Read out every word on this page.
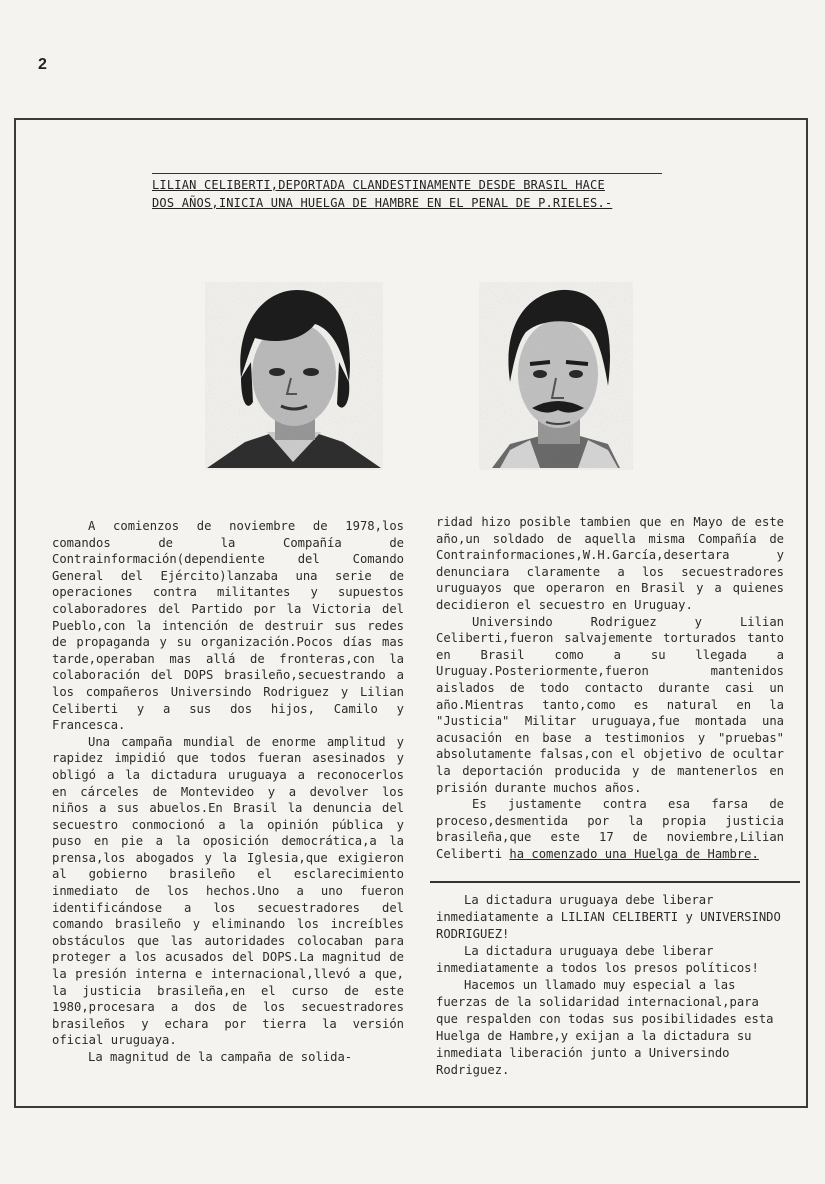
2
LILIAN CELIBERTI,DEPORTADA CLANDESTINAMENTE DESDE BRASIL HACE
DOS AÑOS,INICIA UNA HUELGA DE HAMBRE EN EL PENAL DE P.RIELES.-

A comienzos de noviembre de 1978,los comandos de la Compañía de Contrainformación(dependiente del Comando General del Ejército)lanzaba una serie de operaciones contra militantes y supuestos colaboradores del Partido por la Victoria del Pueblo,con la intención de destruir sus redes de propaganda y su organización.Pocos días mas tarde,operaban mas allá de fronteras,con la colaboración del DOPS brasileño,secuestrando a los compañeros Universindo Rodriguez y Lilian Celiberti y a sus dos hijos, Camilo y Francesca.

Una campaña mundial de enorme amplitud y rapidez impidió que todos fueran asesinados y obligó a la dictadura uruguaya a reconocerlos en cárceles de Montevideo y a devolver los niños a sus abuelos.En Brasil la denuncia del secuestro conmocionó a la opinión pública y puso en pie a la oposición democrática,a la prensa,los abogados y la Iglesia,que exigieron al gobierno brasileño el esclarecimiento inmediato de los hechos.Uno a uno fueron identificándose a los secuestradores del comando brasileño y eliminando los increíbles obstáculos que las autoridades colocaban para proteger a los acusados del DOPS.La magnitud de la presión interna e internacional,llevó a que, la justicia brasileña,en el curso de este 1980,procesara a dos de los secuestradores brasileños y echara por tierra la versión oficial uruguaya.

La magnitud de la campaña de solida-

ridad hizo posible tambien que en Mayo de este año,un soldado de aquella misma Compañía de Contrainformaciones,W.H.García,desertara y denunciara claramente a los secuestradores uruguayos que operaron en Brasil y a quienes decidieron el secuestro en Uruguay.

Universindo Rodriguez y Lilian Celiberti,fueron salvajemente torturados tanto en Brasil como a su llegada a Uruguay.Posteriormente,fueron mantenidos aislados de todo contacto durante casi un año.Mientras tanto,como es natural en la "Justicia" Militar uruguaya,fue montada una acusación en base a testimonios y "pruebas" absolutamente falsas,con el objetivo de ocultar la deportación producida y de mantenerlos en prisión durante muchos años.

Es justamente contra esa farsa de proceso,desmentida por la propia justicia brasileña,que este 17 de noviembre,Lilian Celiberti ha comenzado una Huelga de Hambre.

La dictadura uruguaya debe liberar inmediatamente a LILIAN CELIBERTI y UNIVERSINDO RODRIGUEZ!

La dictadura uruguaya debe liberar inmediatamente a todos los presos políticos!

Hacemos un llamado muy especial a las fuerzas de la solidaridad internacional,para que respalden con todas sus posibilidades esta Huelga de Hambre,y exijan a la dictadura su inmediata liberación junto a Universindo Rodriguez.
